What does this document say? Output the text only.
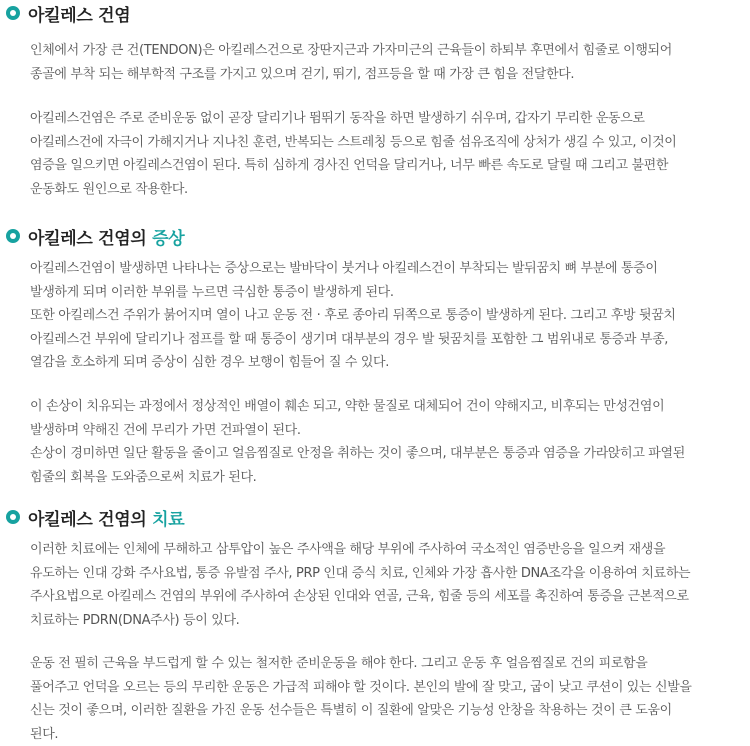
아킬레스 건염
인체에서 가장 큰 건(TENDON)은 아킬레스건으로 장딴지근과 가자미근의 근육들이 하퇴부 후면에서 힘줄로 이행되어
종골에 부착 되는 해부학적 구조를 가지고 있으며 걷기, 뛰기, 점프등을 할 때 가장 큰 힘을 전달한다.
아킬레스건염은 주로 준비운동 없이 곧장 달리기나 뜀뛰기 동작을 하면 발생하기 쉬우며, 갑자기 무리한 운동으로
아킬레스건에 자극이 가해지거나 지나친 훈련, 반복되는 스트레칭 등으로 힘줄 섬유조직에 상처가 생길 수 있고, 이것이
염증을 일으키면 아킬레스건염이 된다. 특히 심하게 경사진 언덕을 달리거나, 너무 빠른 속도로 달릴 때 그리고 불편한
운동화도 원인으로 작용한다.
아킬레스 건염의 증상
아킬레스건염이 발생하면 나타나는 증상으로는 발바닥이 붓거나 아킬레스건이 부착되는 발뒤꿈치 뼈 부분에 통증이
발생하게 되며 이러한 부위를 누르면 극심한 통증이 발생하게 된다.
또한 아킬레스건 주위가 붉어지며 열이 나고 운동 전 · 후로 종아리 뒤쪽으로 통증이 발생하게 된다. 그리고 후방 뒷꿈치
아킬레스건 부위에 달리기나 점프를 할 때 통증이 생기며 대부분의 경우 발 뒷꿈치를 포함한 그 범위내로 통증과 부종,
열감을 호소하게 되며 증상이 심한 경우 보행이 힘들어 질 수 있다.
이 손상이 치유되는 과정에서 정상적인 배열이 훼손 되고, 약한 물질로 대체되어 건이 약해지고, 비후되는 만성건염이
발생하며 약해진 건에 무리가 가면 건파열이 된다.
손상이 경미하면 일단 활동을 줄이고 얼음찜질로 안정을 취하는 것이 좋으며, 대부분은 통증과 염증을 가라앉히고 파열된
힘줄의 회복을 도와줌으로써 치료가 된다.
아킬레스 건염의 치료
이러한 치료에는 인체에 무해하고 삼투압이 높은 주사액을 해당 부위에 주사하여 국소적인 염증반응을 일으켜 재생을
유도하는 인대 강화 주사요법, 통증 유발점 주사, PRP 인대 증식 치료, 인체와 가장 흡사한 DNA조각을 이용하여 치료하는
주사요법으로 아킬레스 건염의 부위에 주사하여 손상된 인대와 연골, 근육, 힘줄 등의 세포를 촉진하여 통증을 근본적으로
치료하는 PDRN(DNA주사) 등이 있다.
운동 전 필히 근육을 부드럽게 할 수 있는 철저한 준비운동을 해야 한다. 그리고 운동 후 얼음찜질로 건의 피로함을
풀어주고 언덕을 오르는 등의 무리한 운동은 가급적 피해야 할 것이다. 본인의 발에 잘 맞고, 굽이 낮고 쿠션이 있는 신발을
신는 것이 좋으며, 이러한 질환을 가진 운동 선수들은 특별히 이 질환에 알맞은 기능성 안창을 착용하는 것이 큰 도움이
된다.
